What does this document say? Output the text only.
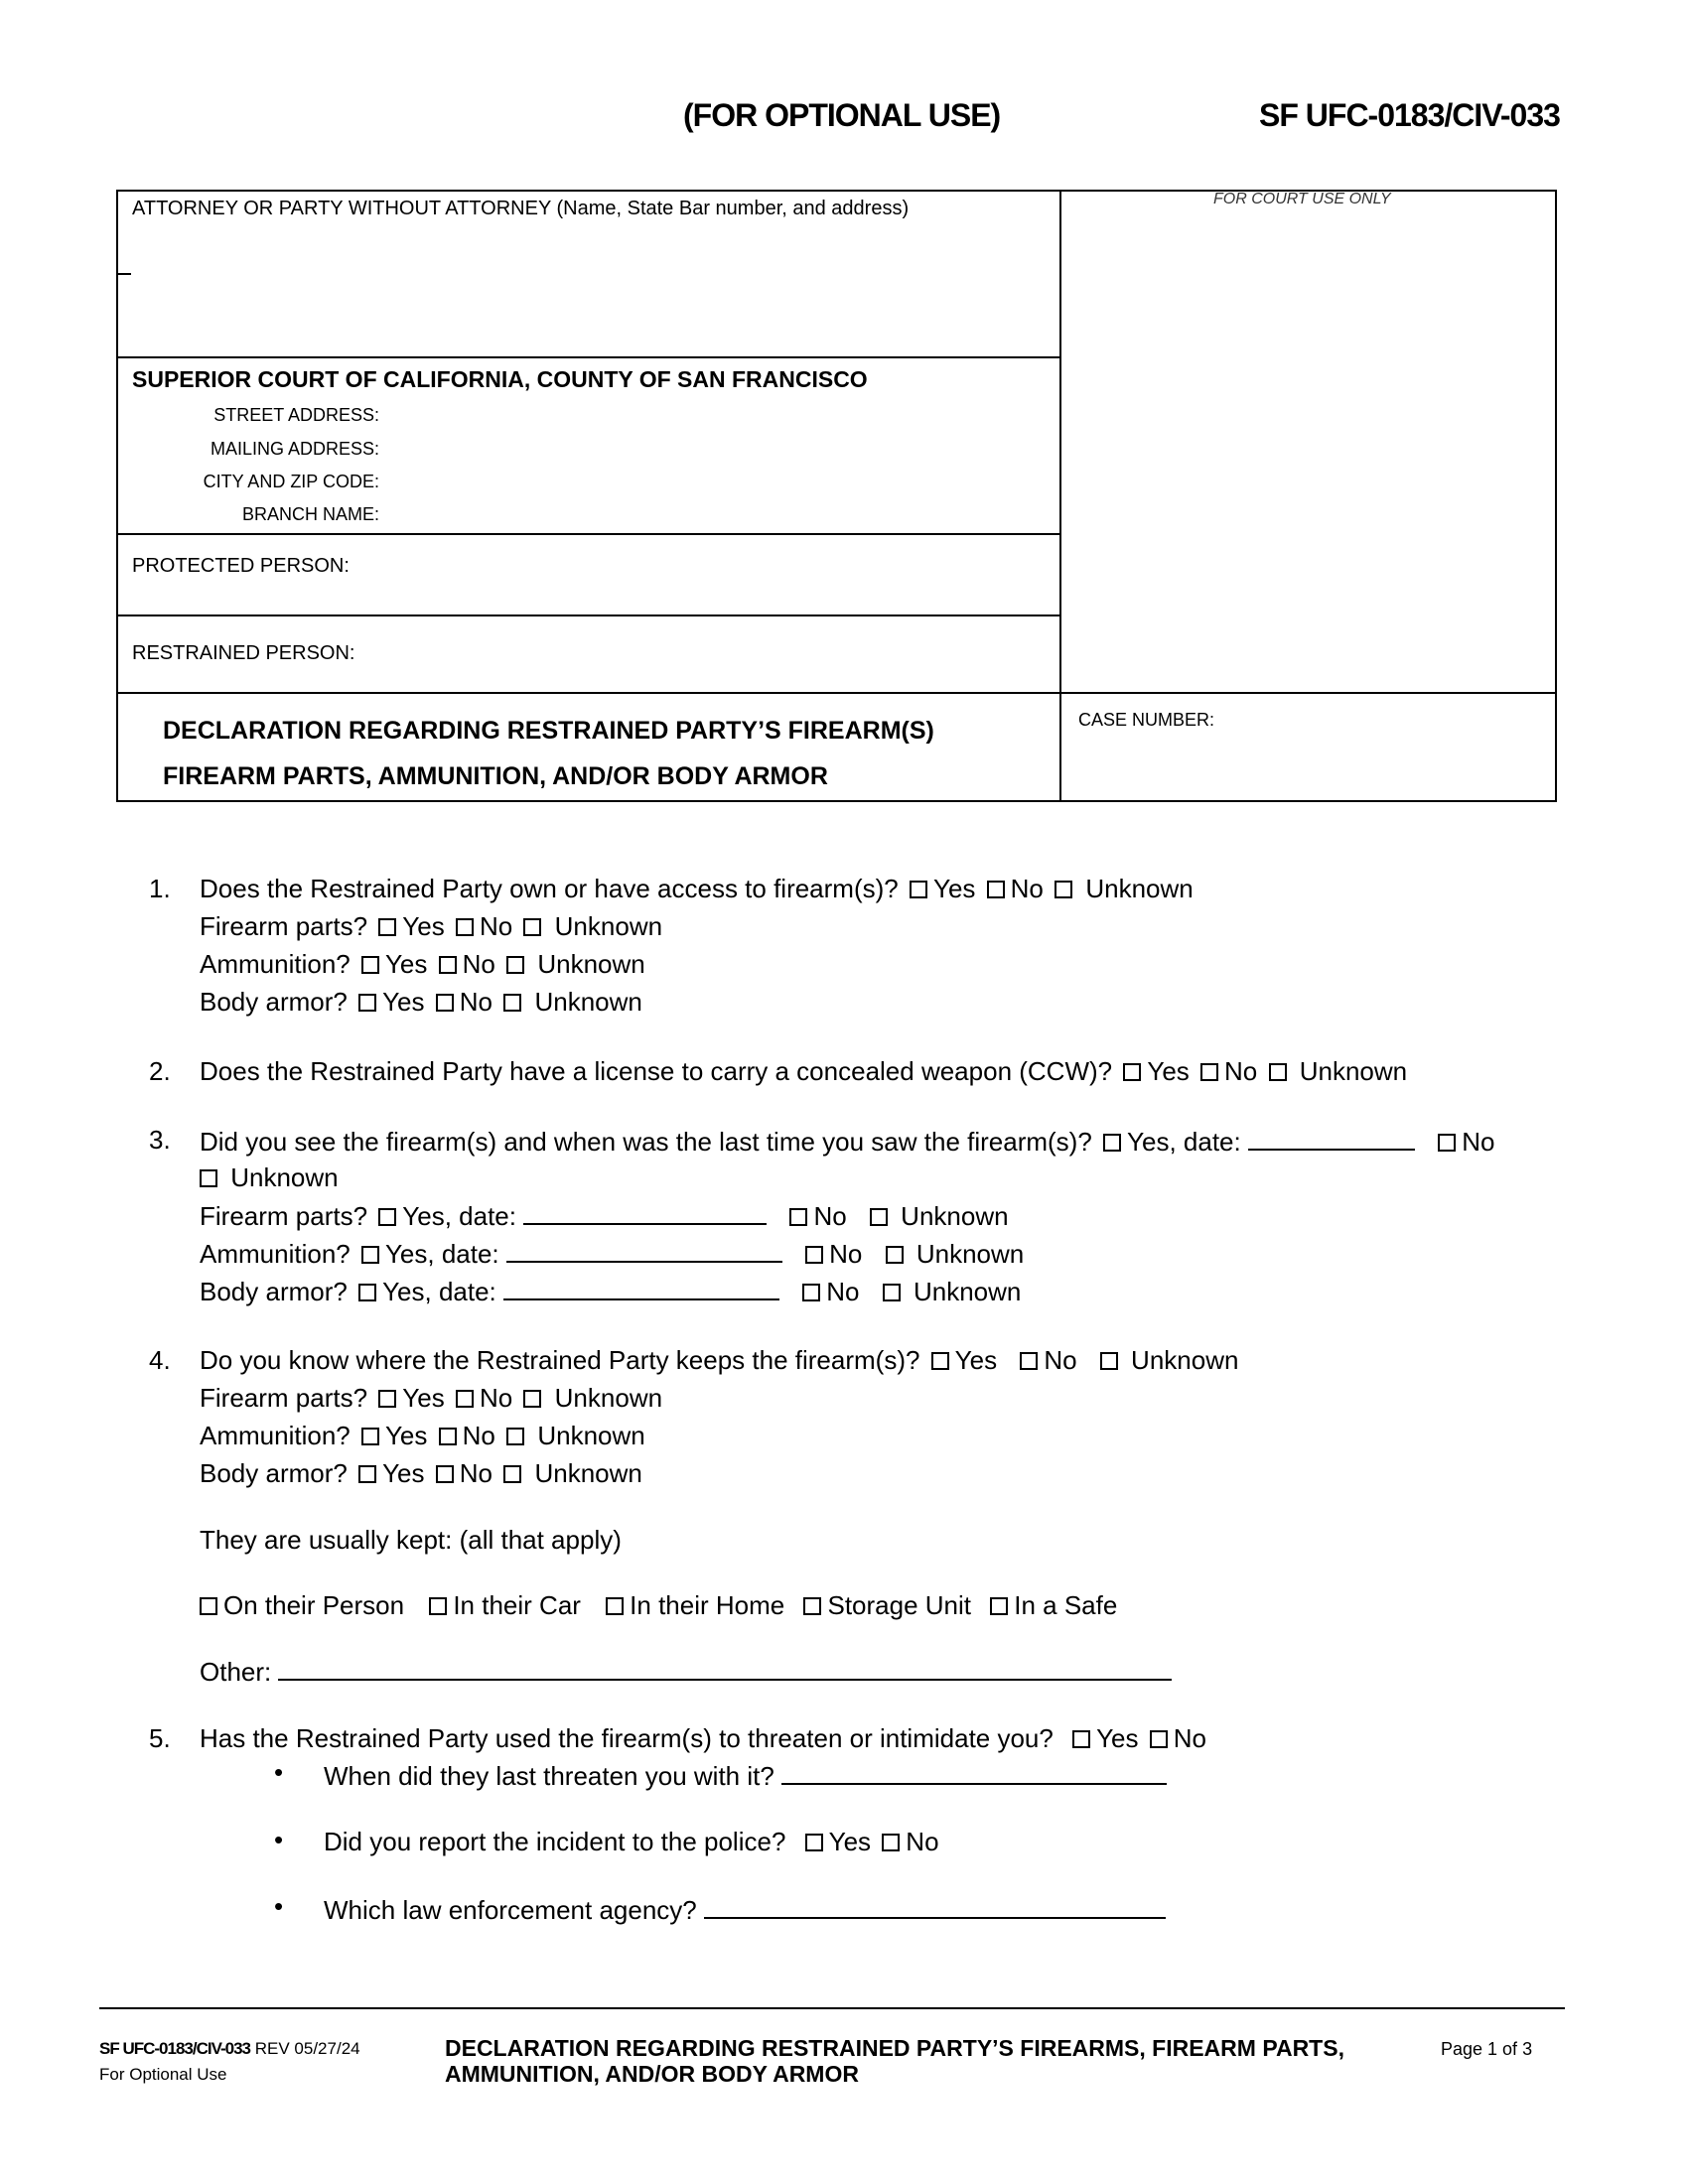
(FOR OPTIONAL USE)	SF UFC-0183/CIV-033
ATTORNEY OR PARTY WITHOUT ATTORNEY (Name, State Bar number, and address)	FOR COURT USE ONLY
SUPERIOR COURT OF CALIFORNIA, COUNTY OF SAN FRANCISCO
STREET ADDRESS:
MAILING ADDRESS:
CITY AND ZIP CODE:
BRANCH NAME:
PROTECTED PERSON:
RESTRAINED PERSON:
DECLARATION REGARDING RESTRAINED PARTY’S FIREARM(S)
FIREARM PARTS, AMMUNITION, AND/OR BODY ARMOR
CASE NUMBER:
1. Does the Restrained Party own or have access to firearm(s)? Yes No Unknown
Firearm parts? Yes No Unknown
Ammunition? Yes No Unknown
Body armor? Yes No Unknown
2. Does the Restrained Party have a license to carry a concealed weapon (CCW)? Yes No Unknown
3. Did you see the firearm(s) and when was the last time you saw the firearm(s)? Yes, date:	No
Unknown
Firearm parts? Yes, date:	No Unknown
Ammunition? Yes, date:	No Unknown
Body armor? Yes, date:	No Unknown
4. Do you know where the Restrained Party keeps the firearm(s)? Yes No Unknown
Firearm parts? Yes No Unknown
Ammunition? Yes No Unknown
Body armor? Yes No Unknown
They are usually kept: (all that apply)
On their Person In their Car In their Home Storage Unit In a Safe
Other:
5. Has the Restrained Party used the firearm(s) to threaten or intimidate you? Yes No
• When did they last threaten you with it?
• Did you report the incident to the police? Yes No
• Which law enforcement agency?
SF UFC-0183/CIV-033 REV 05/27/24
For Optional Use
DECLARATION REGARDING RESTRAINED PARTY’S FIREARMS, FIREARM PARTS,
AMMUNITION, AND/OR BODY ARMOR
Page 1 of 3
